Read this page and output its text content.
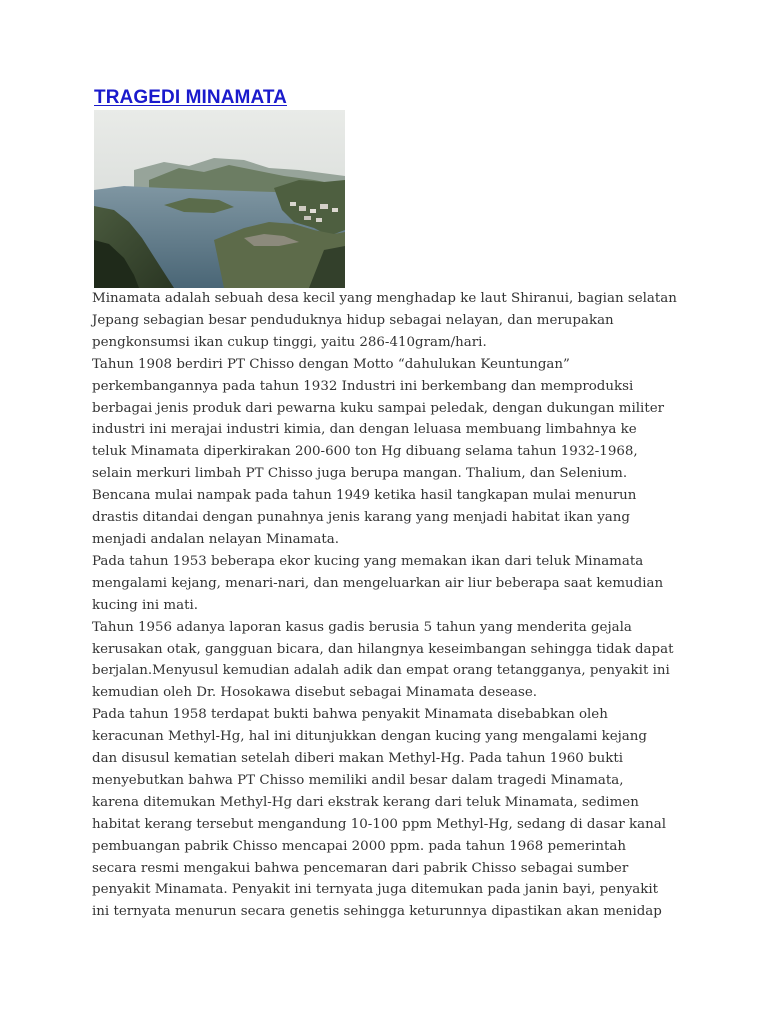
TRAGEDI MINAMATA
Minamata adalah sebuah desa kecil yang menghadap ke laut Shiranui, bagian selatan
Jepang sebagian besar penduduknya hidup sebagai nelayan, dan merupakan
pengkonsumsi ikan cukup tinggi, yaitu 286-410gram/hari.
Tahun 1908 berdiri PT Chisso dengan Motto “dahulukan Keuntungan”
perkembangannya pada tahun 1932 Industri ini berkembang dan memproduksi
berbagai jenis produk dari pewarna kuku sampai peledak, dengan dukungan militer
industri ini merajai industri kimia, dan dengan leluasa membuang limbahnya ke
teluk Minamata diperkirakan 200-600 ton Hg dibuang selama tahun 1932-1968,
selain merkuri limbah PT Chisso juga berupa mangan. Thalium, dan Selenium.
Bencana mulai nampak pada tahun 1949 ketika hasil tangkapan mulai menurun
drastis ditandai dengan punahnya jenis karang yang menjadi habitat ikan yang
menjadi andalan nelayan Minamata.
Pada tahun 1953 beberapa ekor kucing yang memakan ikan dari teluk Minamata
mengalami kejang, menari-nari, dan mengeluarkan air liur beberapa saat kemudian
kucing ini mati.
Tahun 1956 adanya laporan kasus gadis berusia 5 tahun yang menderita gejala
kerusakan otak, gangguan bicara, dan hilangnya keseimbangan sehingga tidak dapat
berjalan.Menyusul kemudian adalah adik dan empat orang tetangganya, penyakit ini
kemudian oleh Dr. Hosokawa disebut sebagai Minamata desease.
Pada tahun 1958 terdapat bukti bahwa penyakit Minamata disebabkan oleh
keracunan Methyl-Hg, hal ini ditunjukkan dengan kucing yang mengalami kejang
dan disusul kematian setelah diberi makan Methyl-Hg. Pada tahun 1960 bukti
menyebutkan bahwa PT Chisso memiliki andil besar dalam tragedi Minamata,
karena ditemukan Methyl-Hg dari ekstrak kerang dari teluk Minamata, sedimen
habitat kerang tersebut mengandung 10-100 ppm Methyl-Hg, sedang di dasar kanal
pembuangan pabrik Chisso mencapai 2000 ppm. pada tahun 1968 pemerintah
secara resmi mengakui bahwa pencemaran dari pabrik Chisso sebagai sumber
penyakit Minamata. Penyakit ini ternyata juga ditemukan pada janin bayi, penyakit
ini ternyata menurun secara genetis sehingga keturunnya dipastikan akan menidap
